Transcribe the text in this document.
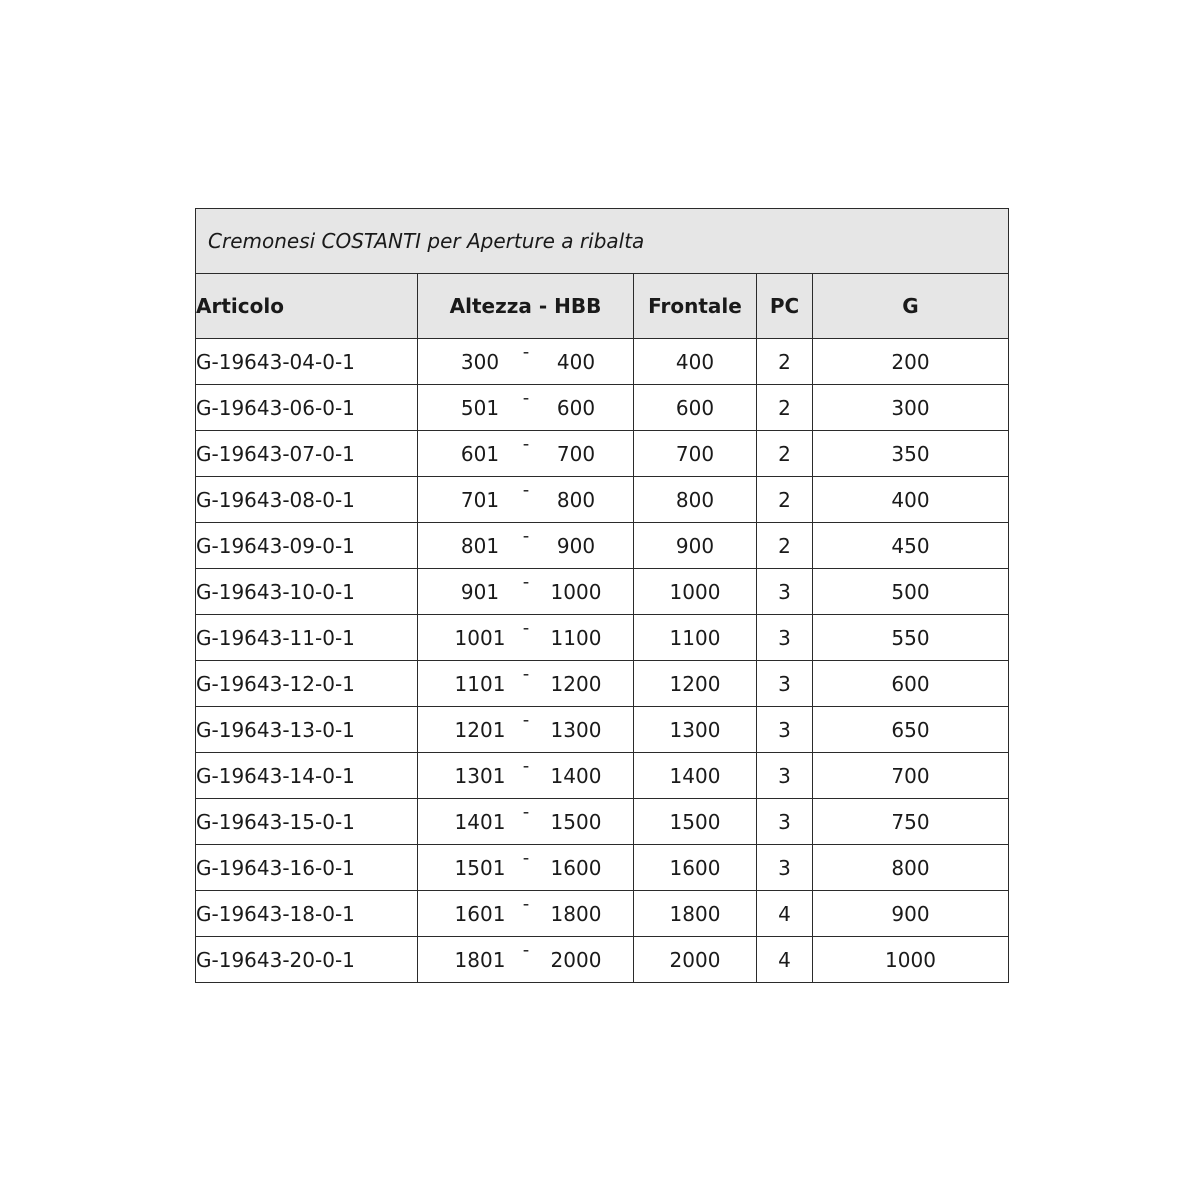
Cremonesi COSTANTI per Aperture a ribalta				
Articolo	Altezza - HBB	Frontale	PC	G
G-19643-04-0-1	300 - 400	400	2	200
G-19643-06-0-1	501 - 600	600	2	300
G-19643-07-0-1	601 - 700	700	2	350
G-19643-08-0-1	701 - 800	800	2	400
G-19643-09-0-1	801 - 900	900	2	450
G-19643-10-0-1	901 - 1000	1000	3	500
G-19643-11-0-1	1001 - 1100	1100	3	550
G-19643-12-0-1	1101 - 1200	1200	3	600
G-19643-13-0-1	1201 - 1300	1300	3	650
G-19643-14-0-1	1301 - 1400	1400	3	700
G-19643-15-0-1	1401 - 1500	1500	3	750
G-19643-16-0-1	1501 - 1600	1600	3	800
G-19643-18-0-1	1601 - 1800	1800	4	900
G-19643-20-0-1	1801 - 2000	2000	4	1000
